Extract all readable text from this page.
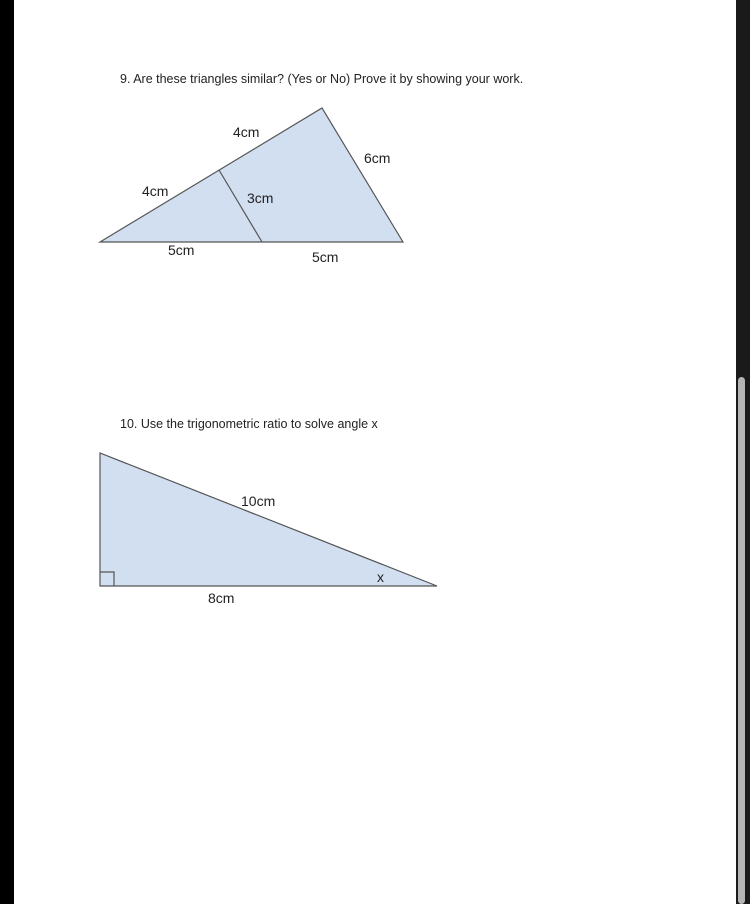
9. Are these triangles similar? (Yes or No) Prove it by showing your work.
4cm
6cm
4cm	3cm
5cm	5cm
10. Use the trigonometric ratio to solve angle x
10cm
8cm
x
